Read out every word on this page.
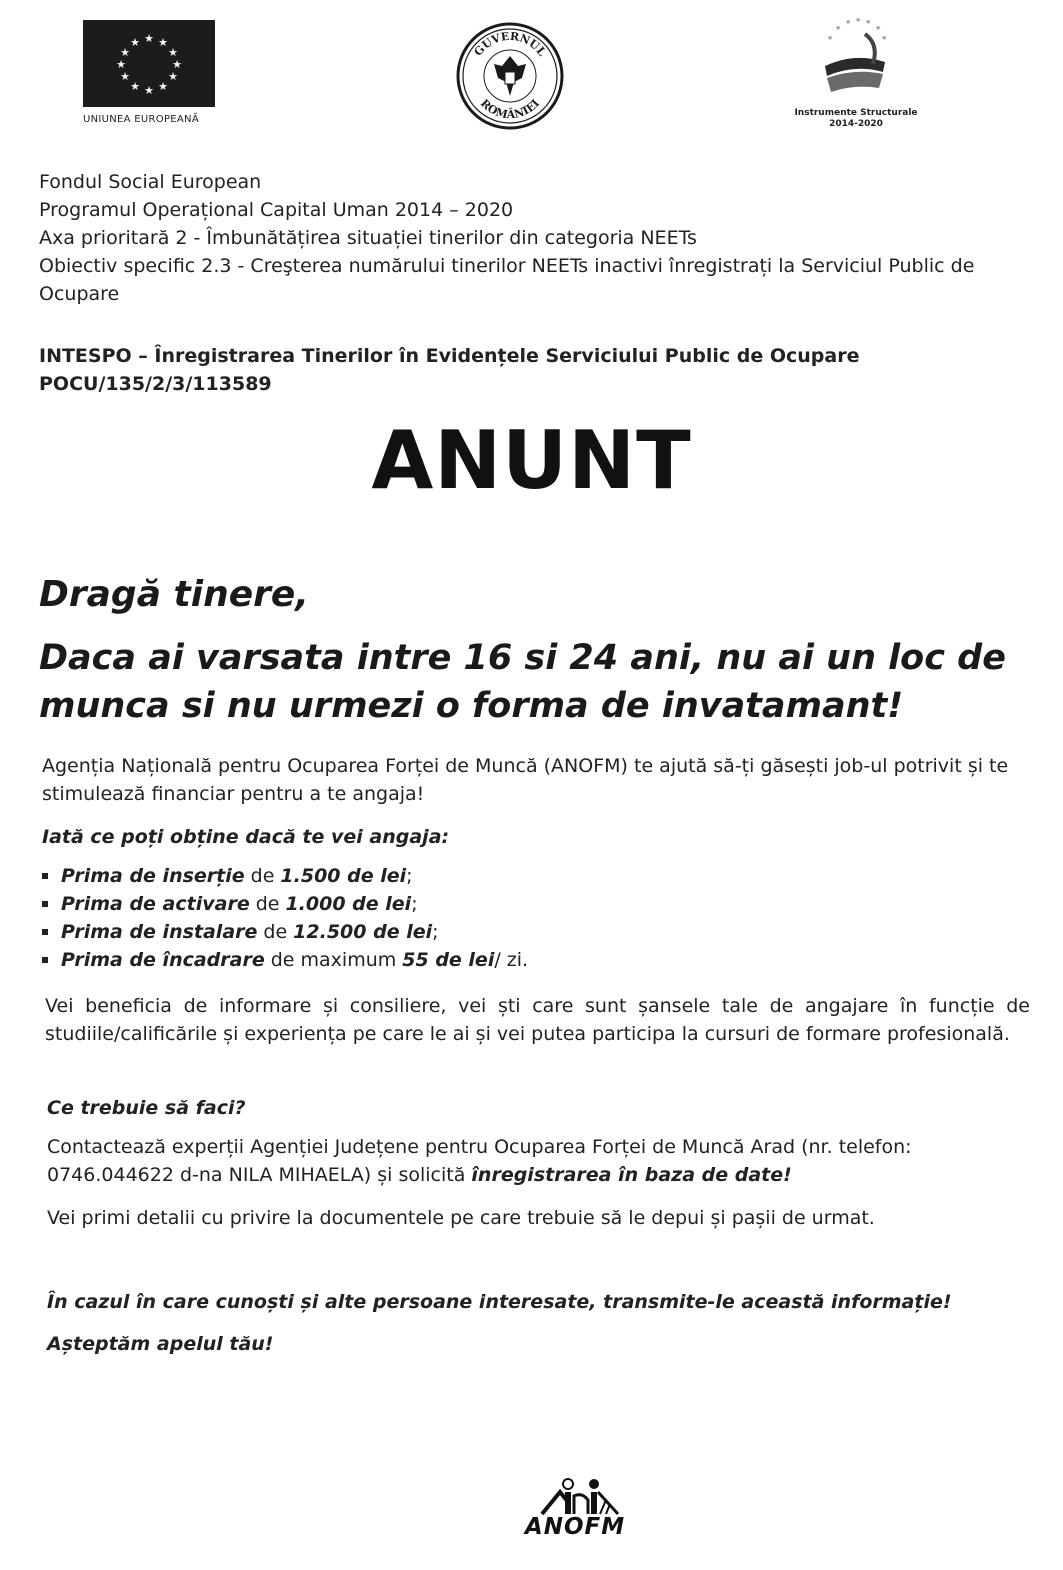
★ ★
★
★
★
★
★
★
★
★
★
★
UNIUNEA EUROPEANĂ
GUVERNUL
ROMÂNIEI
★ ★ ★
★
★
★	★
Instrumente Structurale
2014-2020
Fondul Social European
Programul Operațional Capital Uman 2014 – 2020
Axa prioritară 2 - Îmbunătățirea situației tinerilor din categoria NEETs
Obiectiv specific 2.3 - Creşterea numărului tinerilor NEETs inactivi înregistrați la Serviciul Public de Ocupare
INTESPO – Înregistrarea Tinerilor în Evidențele Serviciului Public de Ocupare
POCU/135/2/3/113589
ANUNT
Dragă tinere,
Daca ai varsata intre 16 si 24 ani, nu ai un loc de munca si nu urmezi o forma de invatamant!
Agenția Națională pentru Ocuparea Forței de Muncă (ANOFM) te ajută să-ți găsești job-ul potrivit și te stimulează financiar pentru a te angaja!
Iată ce poți obține dacă te vei angaja:
Prima de inserție de 1.500 de lei ;
Prima de activare de 1.000 de lei ;
Prima de instalare de 12.500 de lei ;
Prima de încadrare de maximum 55 de lei / zi.
Vei beneficia de informare și consiliere, vei ști care sunt șansele tale de angajare în funcție de studiile/calificările și experiența pe care le ai și vei putea participa la cursuri de formare profesională.
Ce trebuie să faci?
Contactează experții Agenției Județene pentru Ocuparea Forței de Muncă Arad (nr. telefon: 0746.044622 d-na NILA MIHAELA) și solicită înregistrarea în baza de date!
Vei primi detalii cu privire la documentele pe care trebuie să le depui și pașii de urmat.
În cazul în care cunoști și alte persoane interesate, transmite-le această informație!
Așteptăm apelul tău!
ANOFM
